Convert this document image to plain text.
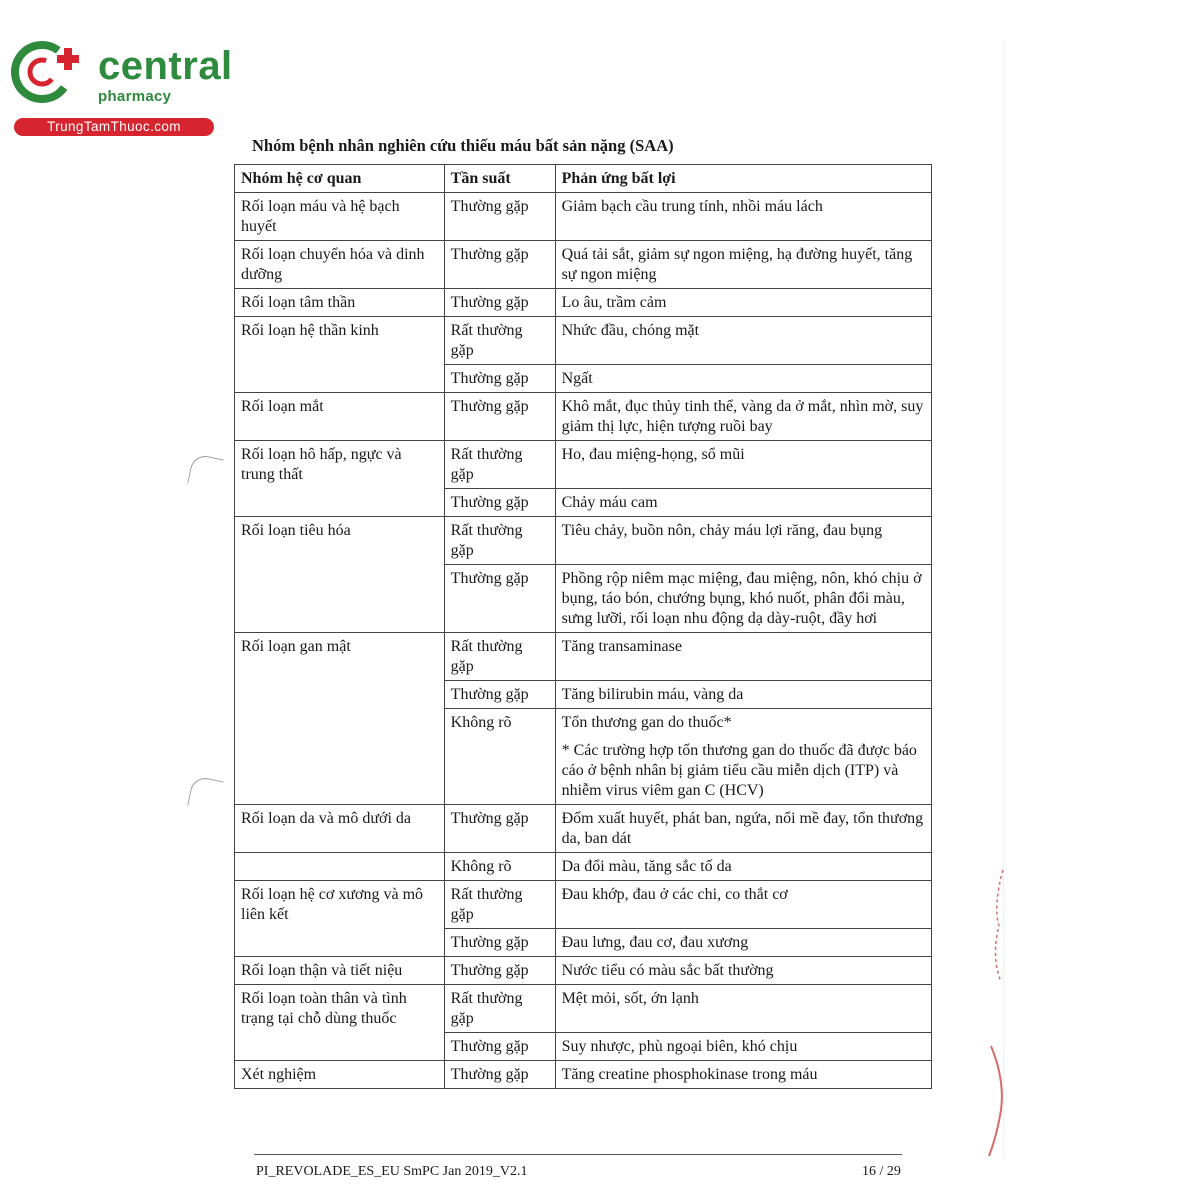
central
pharmacy
TrungTamThuoc.com
Nhóm bệnh nhân nghiên cứu thiếu máu bất sản nặng (SAA)
Nhóm hệ cơ quan	Tần suất	Phản ứng bất lợi
Rối loạn máu và hệ bạch huyết	Thường gặp	Giảm bạch cầu trung tính, nhồi máu lách
Rối loạn chuyển hóa và dinh dưỡng	Thường gặp	Quá tải sắt, giảm sự ngon miệng, hạ đường huyết, tăng sự ngon miệng
Rối loạn tâm thần	Thường gặp	Lo âu, trầm cảm
Rối loạn hệ thần kinh	Rất thường gặp	Nhức đầu, chóng mặt
	Thường gặp	Ngất
Rối loạn mắt	Thường gặp	Khô mắt, đục thủy tinh thể, vàng da ở mắt, nhìn mờ, suy giảm thị lực, hiện tượng ruồi bay
Rối loạn hô hấp, ngực và trung thất	Rất thường gặp	Ho, đau miệng-họng, sổ mũi
	Thường gặp	Chảy máu cam
Rối loạn tiêu hóa	Rất thường gặp	Tiêu chảy, buồn nôn, chảy máu lợi răng, đau bụng
	Thường gặp	Phồng rộp niêm mạc miệng, đau miệng, nôn, khó chịu ở bụng, táo bón, chướng bụng, khó nuốt, phân đổi màu, sưng lưỡi, rối loạn nhu động dạ dày-ruột, đầy hơi
Rối loạn gan mật	Rất thường gặp	Tăng transaminase
	Thường gặp	Tăng bilirubin máu, vàng da
	Không rõ	Tổn thương gan do thuốc*
* Các trường hợp tổn thương gan do thuốc đã được báo cáo ở bệnh nhân bị giảm tiểu cầu miễn dịch (ITP) và nhiễm virus viêm gan C (HCV)

Rối loạn da và mô dưới da	Thường gặp	Đốm xuất huyết, phát ban, ngứa, nổi mề đay, tổn thương da, ban dát
	Không rõ	Da đổi màu, tăng sắc tố da
Rối loạn hệ cơ xương và mô liên kết	Rất thường gặp	Đau khớp, đau ở các chi, co thắt cơ
	Thường gặp	Đau lưng, đau cơ, đau xương
Rối loạn thận và tiết niệu	Thường gặp	Nước tiểu có màu sắc bất thường
Rối loạn toàn thân và tình trạng tại chỗ dùng thuốc	Rất thường gặp	Mệt mỏi, sốt, ớn lạnh
	Thường gặp	Suy nhược, phù ngoại biên, khó chịu
Xét nghiệm	Thường gặp	Tăng creatine phosphokinase trong máu
PI_REVOLADE_ES_EU SmPC Jan 2019_V2.1	16 / 29
